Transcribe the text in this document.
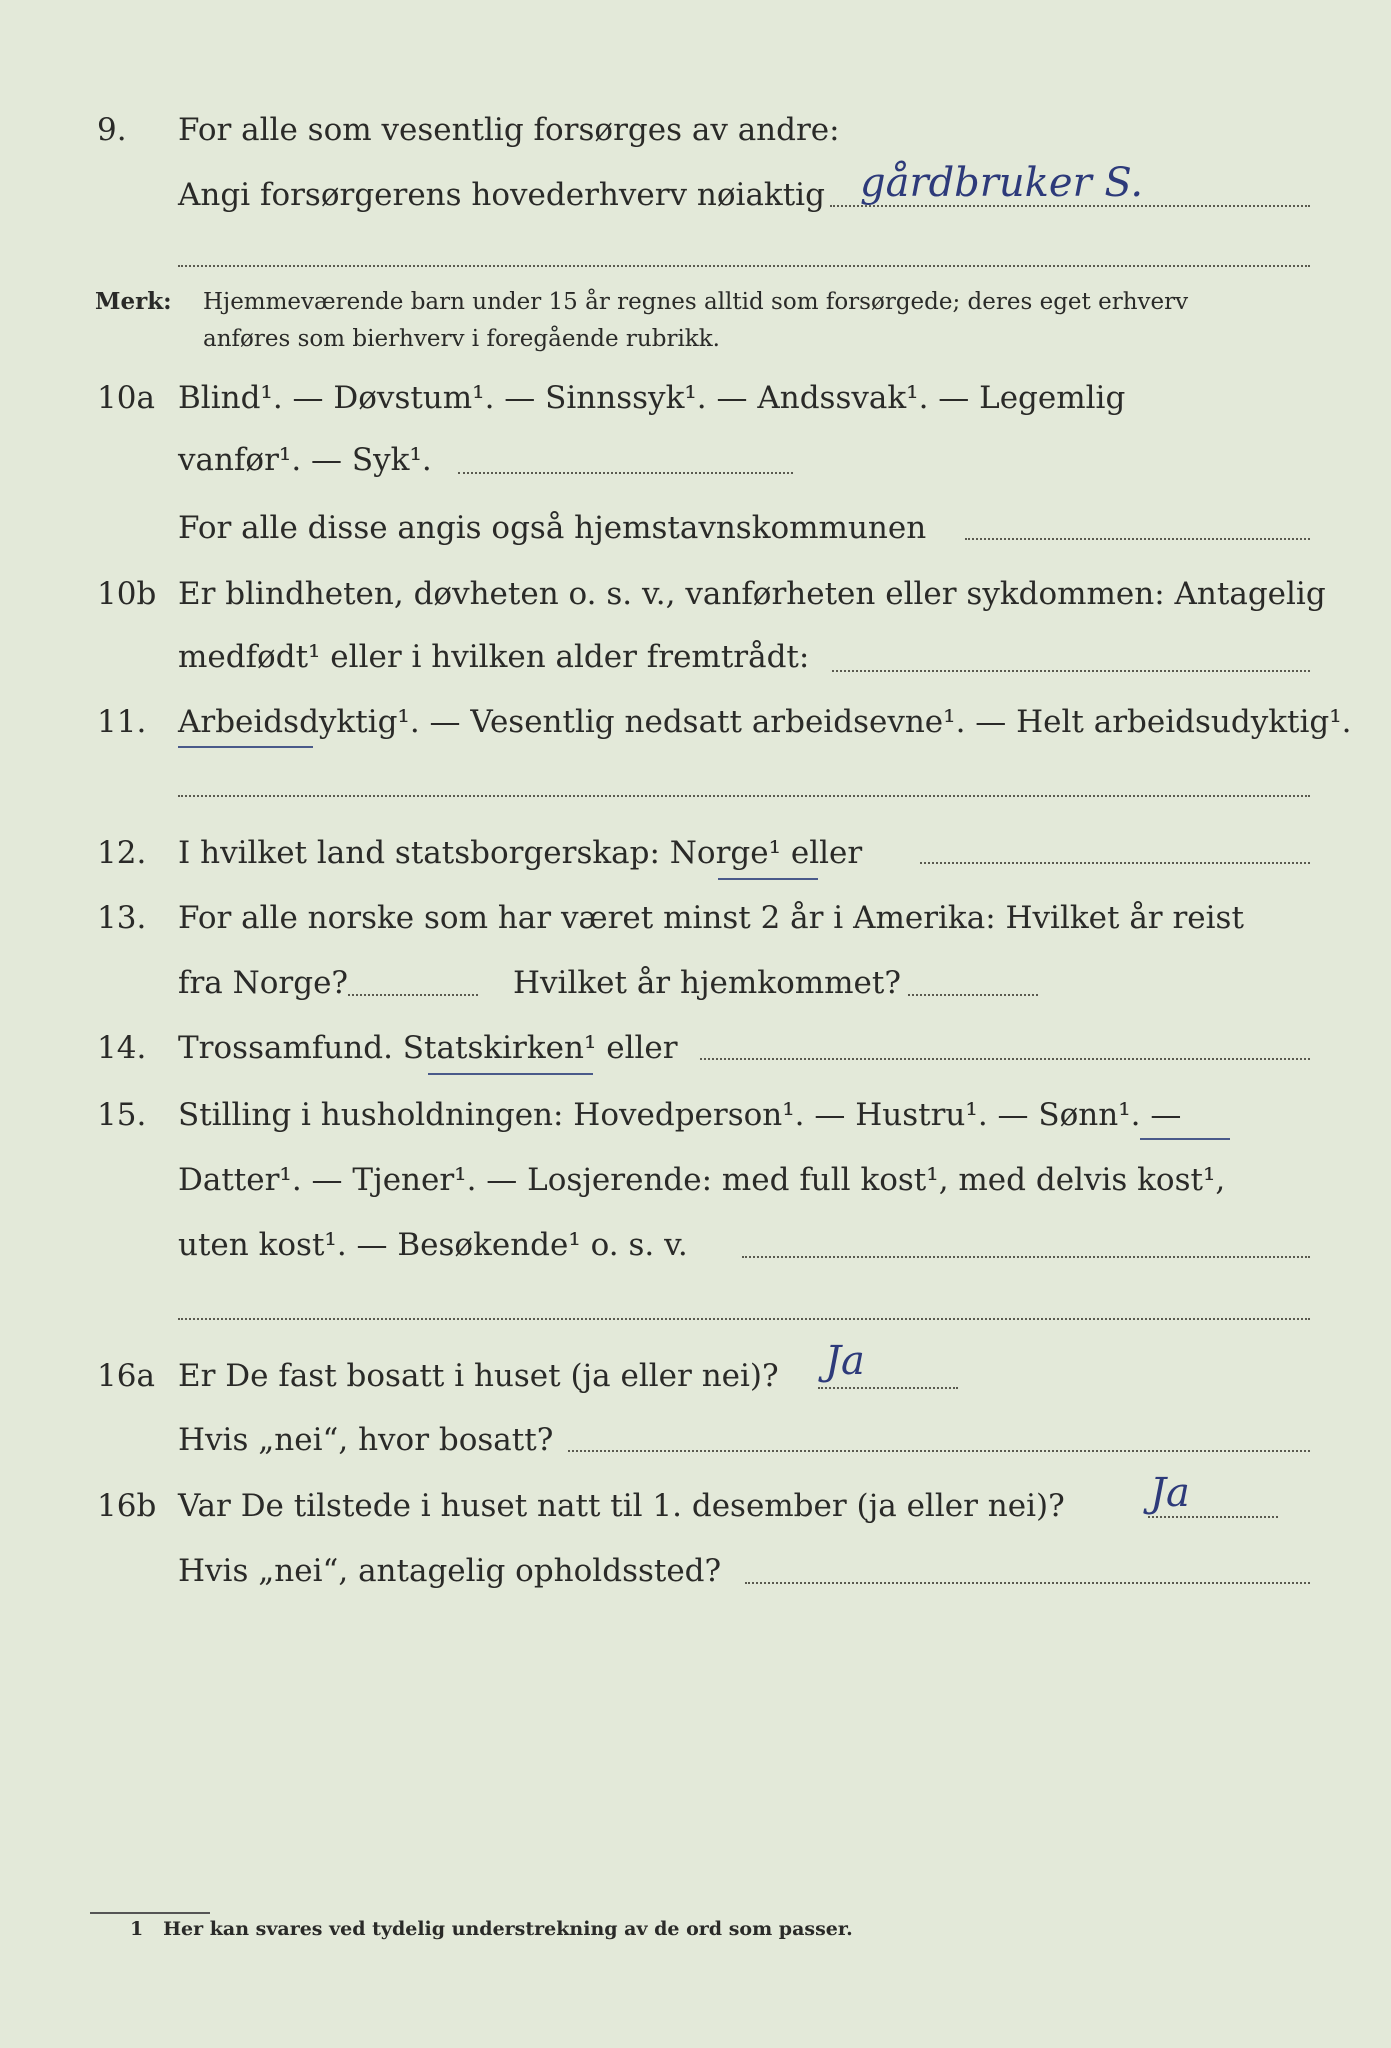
9. For alle som vesentlig forsørges av andre:
Angi forsørgerens hovederhverv nøiaktig gårdbruker S.
Merk: Hjemmeværende barn under 15 år regnes alltid som forsørgede; deres eget erhverv
anføres som bierhverv i foregående rubrikk.
10a Blind¹. — Døvstum¹. — Sinnssyk¹. — Andssvak¹. — Legemlig
vanfør¹. — Syk¹.
For alle disse angis også hjemstavnskommunen
10b Er blindheten, døvheten o. s. v., vanførheten eller sykdommen: Antagelig
medfødt¹ eller i hvilken alder fremtrådt:
11. Arbeidsdyktig¹. — Vesentlig nedsatt arbeidsevne¹. — Helt arbeidsudyktig¹.
12. I hvilket land statsborgerskap: Norge¹ eller
13. For alle norske som har været minst 2 år i Amerika: Hvilket år reist
fra Norge?	Hvilket år hjemkommet?
14. Trossamfund. Statskirken¹ eller
15. Stilling i husholdningen: Hovedperson¹. — Hustru¹. — Sønn¹. —
Datter¹. — Tjener¹. — Losjerende: med full kost¹, med delvis kost¹,
uten kost¹. — Besøkende¹ o. s. v.
16a Er De fast bosatt i huset (ja eller nei)? Ja
Hvis „nei“, hvor bosatt?
16b Var De tilstede i huset natt til 1. desember (ja eller nei)? Ja
Hvis „nei“, antagelig opholdssted?
1 Her kan svares ved tydelig understrekning av de ord som passer.
